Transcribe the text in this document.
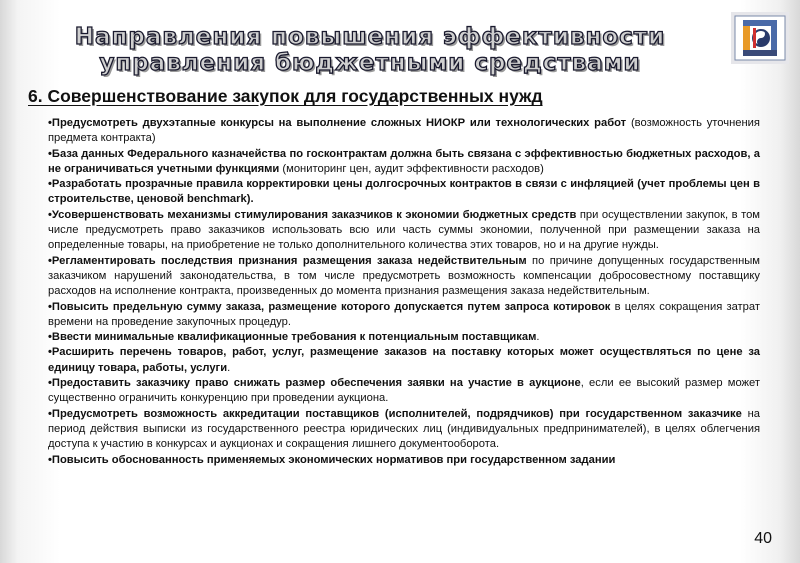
Направления повышения эффективности
управления бюджетными средствами
6. Совершенствование закупок для государственных нужд

•Предусмотреть двухэтапные конкурсы на выполнение сложных НИОКР или технологических работ (возможность уточнения предмета контракта)

•База данных Федерального казначейства по госконтрактам должна быть связана с эффективностью бюджетных расходов, а не ограничиваться учетными функциями (мониторинг цен, аудит эффективности расходов)

•Разработать прозрачные правила корректировки цены долгосрочных контрактов в связи с инфляцией (учет проблемы цен в строительстве, ценовой benchmark).

•Усовершенствовать механизмы стимулирования заказчиков к экономии бюджетных средств при осуществлении закупок, в том числе предусмотреть право заказчиков использовать всю или часть суммы экономии, полученной при размещении заказа на определенные товары, на приобретение не только дополнительного количества этих товаров, но и на другие нужды.

•Регламентировать последствия признания размещения заказа недействительным по причине допущенных государственным заказчиком нарушений законодательства, в том числе предусмотреть возможность компенсации добросовестному поставщику расходов на исполнение контракта, произведенных до момента признания размещения заказа недействительным.

•Повысить предельную сумму заказа, размещение которого допускается путем запроса котировок в целях сокращения затрат времени на проведение закупочных процедур.

•Ввести минимальные квалификационные требования к потенциальным поставщикам.

•Расширить перечень товаров, работ, услуг, размещение заказов на поставку которых может осуществляться по цене за единицу товара, работы, услуги.

•Предоставить заказчику право снижать размер обеспечения заявки на участие в аукционе, если ее высокий размер может существенно ограничить конкуренцию при проведении аукциона.

•Предусмотреть возможность аккредитации поставщиков (исполнителей, подрядчиков) при государственном заказчике на период действия выписки из государственного реестра юридических лиц (индивидуальных предпринимателей), в целях облегчения доступа к участию в конкурсах и аукционах и сокращения лишнего документооборота.

•Повысить обоснованность применяемых экономических нормативов при государственном задании

40
